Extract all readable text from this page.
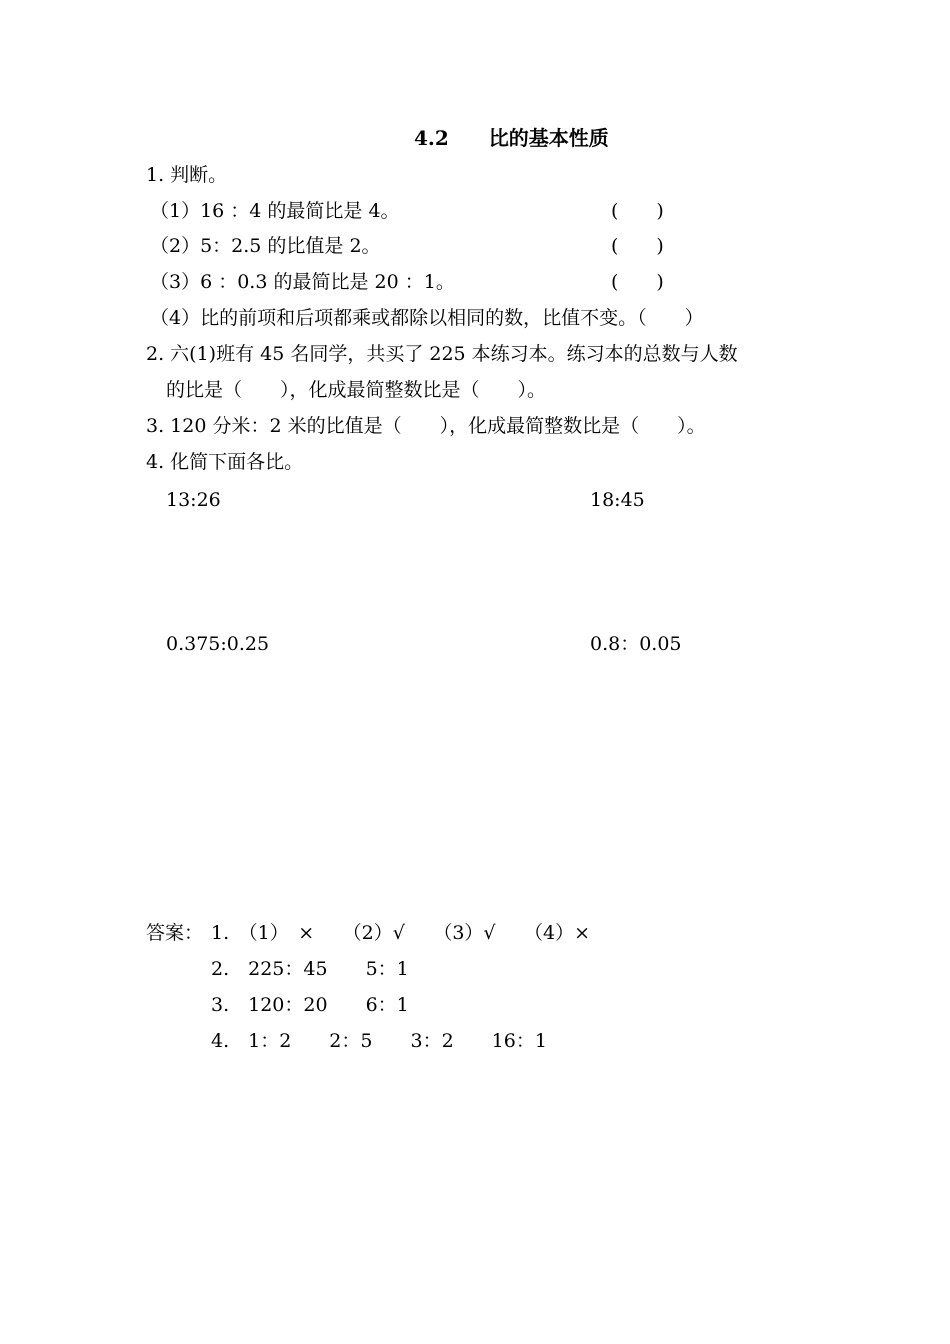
4.2 比的基本性质
1. 判断。
（1）16 ：4 的最简比是 4。	(　　)
（2）5：2.5 的比值是 2。	(　　)
（3）6 ：0.3 的最简比是 20 ：1。	(　　)
（4）比的前项和后项都乘或都除以相同的数，比值不变。（　　）
2. 六(1)班有 45 名同学，共买了 225 本练习本。练习本的总数与人数
的比是（　　），化成最简整数比是（　　）。
3. 120 分米：2 米的比值是（　　），化成最简整数比是（　　）。
4. 化简下面各比。
13:26	18:45
0.375:0.25	0.8：0.05
答案： 1.　（1）　×　　（2）√　　（3）√　　（4）×
2.　225：45　　5：1
3.　120：20　　6：1
4.　1：2　　2：5　　3：2　　16：1
